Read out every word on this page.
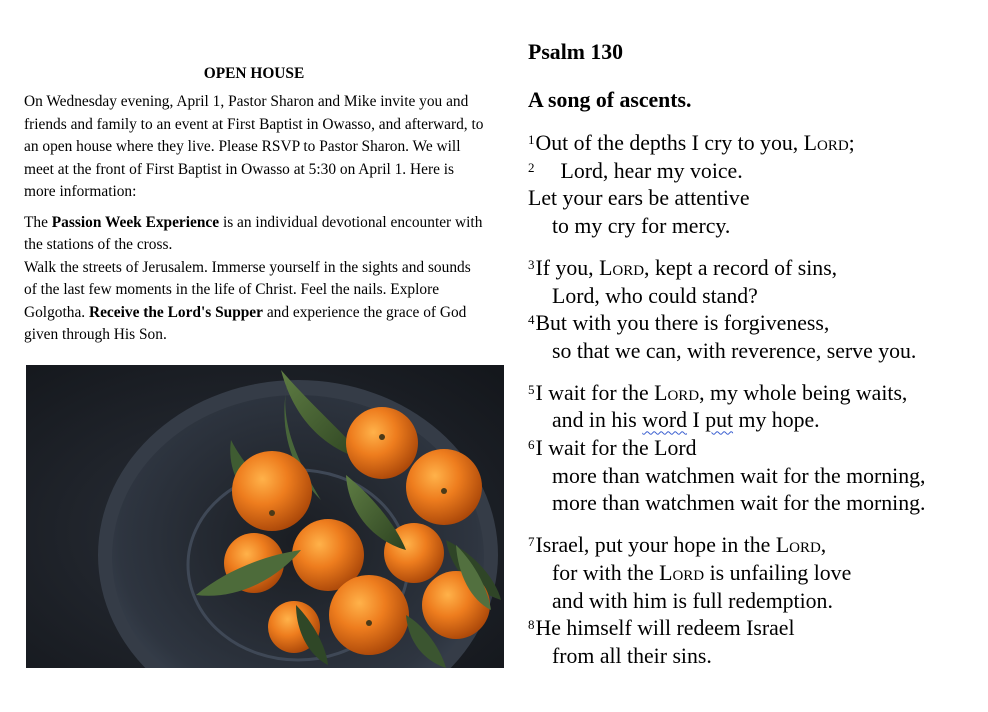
OPEN HOUSE

On Wednesday evening, April 1, Pastor Sharon and Mike invite you and friends and family to an event at First Baptist in Owasso, and afterward, to an open house where they live. Please RSVP to Pastor Sharon. We will meet at the front of First Baptist in Owasso at 5:30 on April 1. Here is more information:

The Passion Week Experience is an individual devotional encounter with the stations of the cross.

Walk the streets of Jerusalem. Immerse yourself in the sights and sounds of the last few moments in the life of Christ. Feel the nails. Explore Golgotha. Receive the Lord's Supper and experience the grace of God given through His Son.

Psalm 130
A song of ascents.
$^1$Out of the depths I cry to you, Lord;
$^2$ Lord, hear my voice.
Let your ears be attentive
to my cry for mercy.
$^3$If you, Lord, kept a record of sins,
Lord, who could stand?
$^4$But with you there is forgiveness,
so that we can, with reverence, serve you.
$^5$I wait for the Lord, my whole being waits,
and in his word I put my hope.
$^6$I wait for the Lord
more than watchmen wait for the morning,
more than watchmen wait for the morning.
$^7$Israel, put your hope in the Lord,
for with the Lord is unfailing love
and with him is full redemption.
$^8$He himself will redeem Israel
from all their sins.
